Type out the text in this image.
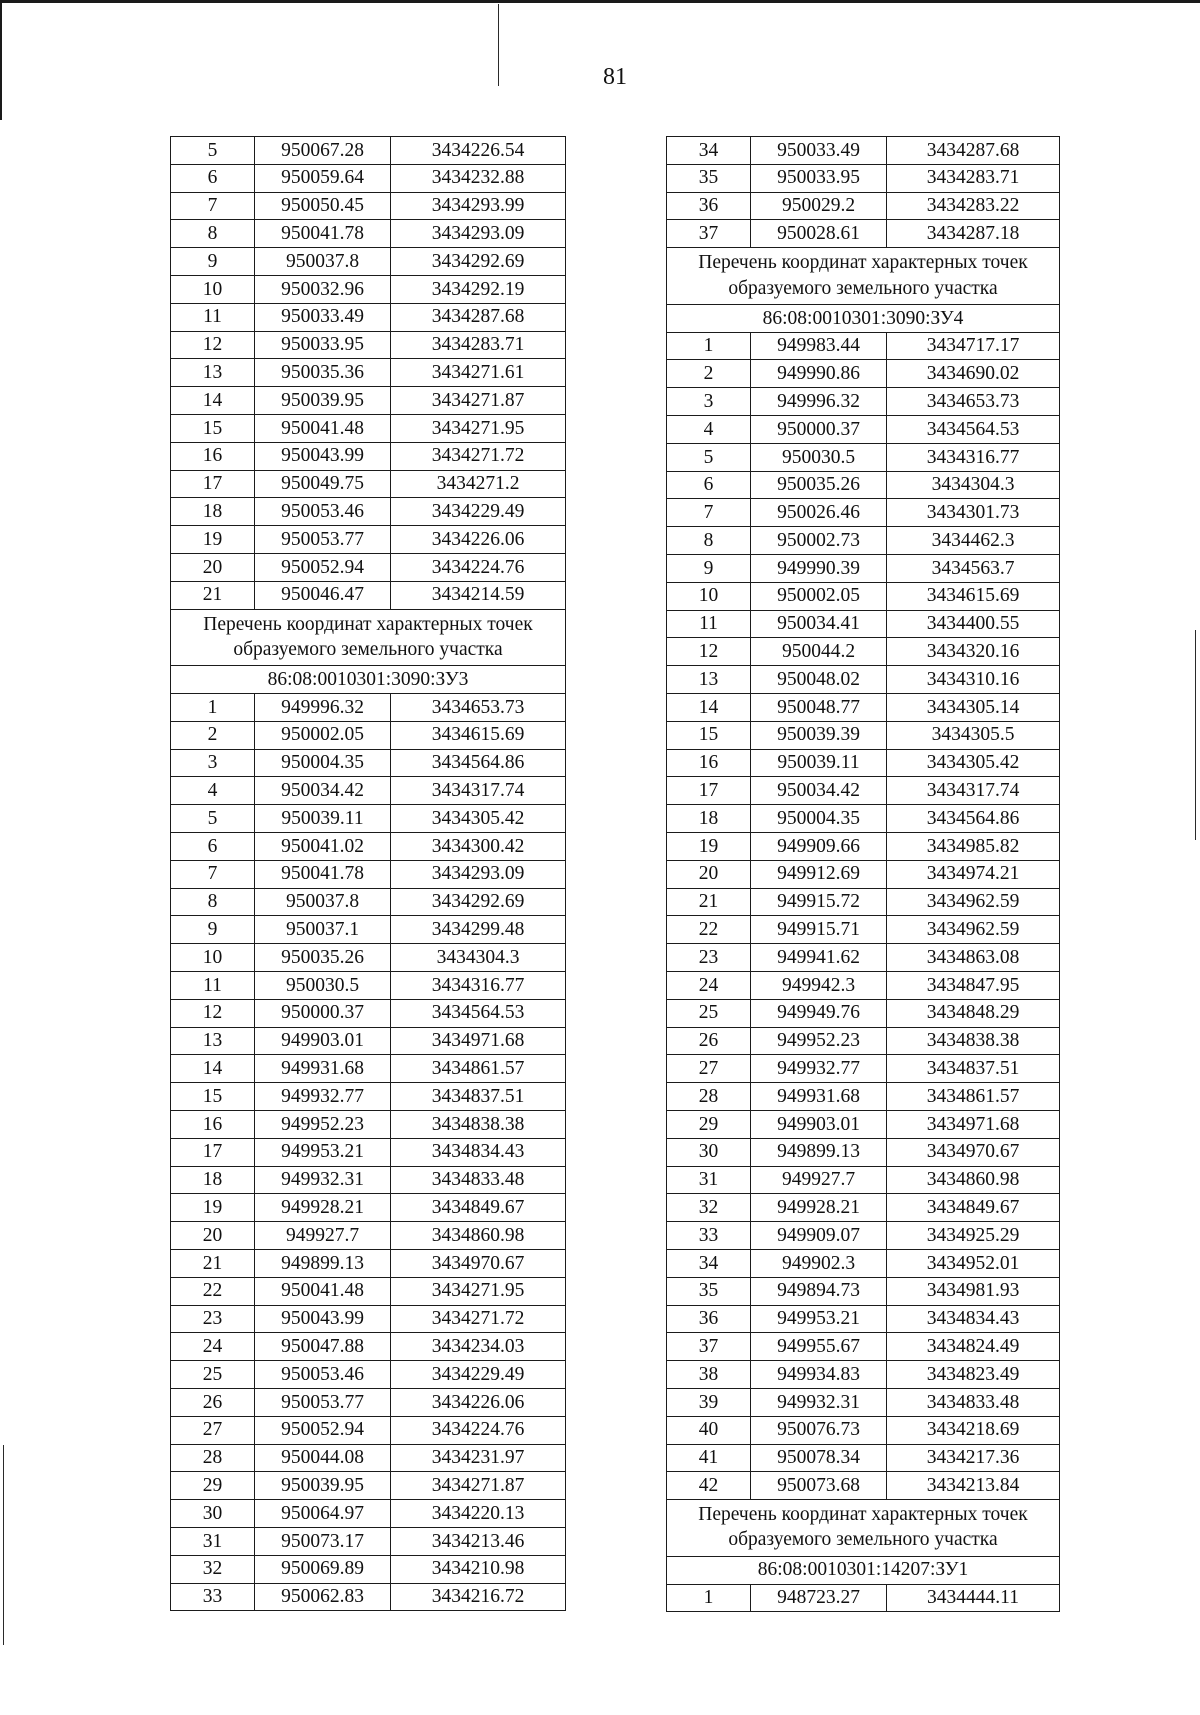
81
5	950067.28	3434226.54
6	950059.64	3434232.88
7	950050.45	3434293.99
8	950041.78	3434293.09
9	950037.8	3434292.69
10	950032.96	3434292.19
11	950033.49	3434287.68
12	950033.95	3434283.71
13	950035.36	3434271.61
14	950039.95	3434271.87
15	950041.48	3434271.95
16	950043.99	3434271.72
17	950049.75	3434271.2
18	950053.46	3434229.49
19	950053.77	3434226.06
20	950052.94	3434224.76
21	950046.47	3434214.59
Перечень координат характерных точек образуемого земельного участка		
86:08:0010301:3090:ЗУ3		
1	949996.32	3434653.73
2	950002.05	3434615.69
3	950004.35	3434564.86
4	950034.42	3434317.74
5	950039.11	3434305.42
6	950041.02	3434300.42
7	950041.78	3434293.09
8	950037.8	3434292.69
9	950037.1	3434299.48
10	950035.26	3434304.3
11	950030.5	3434316.77
12	950000.37	3434564.53
13	949903.01	3434971.68
14	949931.68	3434861.57
15	949932.77	3434837.51
16	949952.23	3434838.38
17	949953.21	3434834.43
18	949932.31	3434833.48
19	949928.21	3434849.67
20	949927.7	3434860.98
21	949899.13	3434970.67
22	950041.48	3434271.95
23	950043.99	3434271.72
24	950047.88	3434234.03
25	950053.46	3434229.49
26	950053.77	3434226.06
27	950052.94	3434224.76
28	950044.08	3434231.97
29	950039.95	3434271.87
30	950064.97	3434220.13
31	950073.17	3434213.46
32	950069.89	3434210.98
33	950062.83	3434216.72
34	950033.49	3434287.68
35	950033.95	3434283.71
36	950029.2	3434283.22
37	950028.61	3434287.18
Перечень координат характерных точек образуемого земельного участка		
86:08:0010301:3090:ЗУ4		
1	949983.44	3434717.17
2	949990.86	3434690.02
3	949996.32	3434653.73
4	950000.37	3434564.53
5	950030.5	3434316.77
6	950035.26	3434304.3
7	950026.46	3434301.73
8	950002.73	3434462.3
9	949990.39	3434563.7
10	950002.05	3434615.69
11	950034.41	3434400.55
12	950044.2	3434320.16
13	950048.02	3434310.16
14	950048.77	3434305.14
15	950039.39	3434305.5
16	950039.11	3434305.42
17	950034.42	3434317.74
18	950004.35	3434564.86
19	949909.66	3434985.82
20	949912.69	3434974.21
21	949915.72	3434962.59
22	949915.71	3434962.59
23	949941.62	3434863.08
24	949942.3	3434847.95
25	949949.76	3434848.29
26	949952.23	3434838.38
27	949932.77	3434837.51
28	949931.68	3434861.57
29	949903.01	3434971.68
30	949899.13	3434970.67
31	949927.7	3434860.98
32	949928.21	3434849.67
33	949909.07	3434925.29
34	949902.3	3434952.01
35	949894.73	3434981.93
36	949953.21	3434834.43
37	949955.67	3434824.49
38	949934.83	3434823.49
39	949932.31	3434833.48
40	950076.73	3434218.69
41	950078.34	3434217.36
42	950073.68	3434213.84
Перечень координат характерных точек образуемого земельного участка		
86:08:0010301:14207:ЗУ1		
1	948723.27	3434444.11
